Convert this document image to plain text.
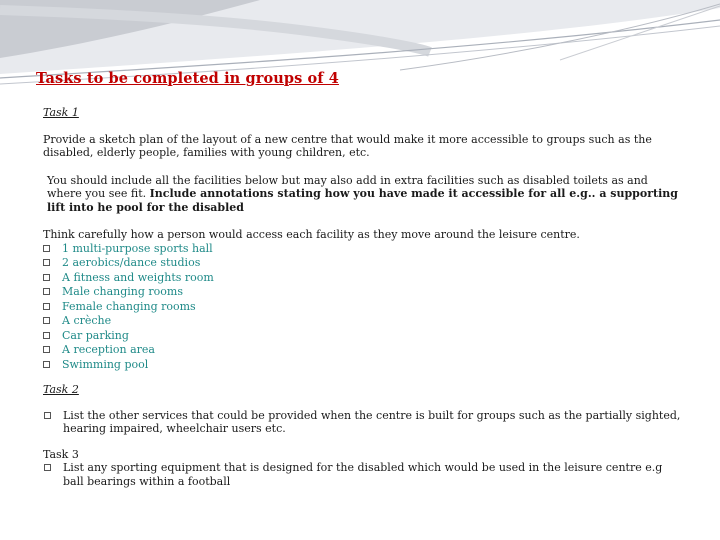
Tasks to be completed in groups of 4

Task 1

Provide a sketch plan of the layout of a new centre that would make it more accessible to groups such as the disabled, elderly people, families with young children, etc.

You should include all the facilities below but may also add in extra facilities such as disabled toilets as and where you see fit. Include annotations stating how you have made it accessible for all e.g.. a supporting lift into he pool for the disabled

Think carefully how a person would access each facility as they move around the leisure centre.

1 multi-purpose sports hall
2 aerobics/dance studios
A fitness and weights room
Male changing rooms
Female changing rooms
A crèche
Car parking
A reception area
Swimming pool

Task 2

List the other services that could be provided when the centre is built for groups such as the partially sighted, hearing impaired, wheelchair users etc.

Task 3

List any sporting equipment that is designed for the disabled which would be used in the leisure centre e.g ball bearings within a football
